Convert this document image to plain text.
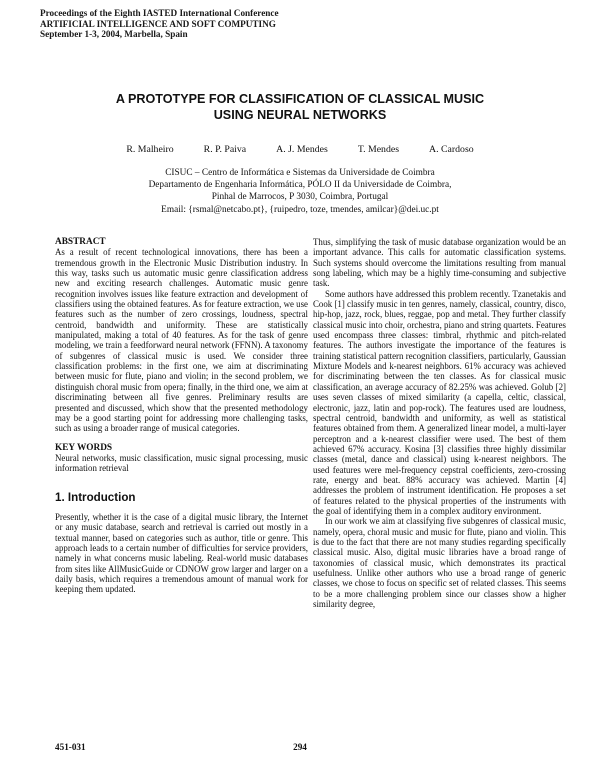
Proceedings of the Eighth IASTED International Conference
ARTIFICIAL INTELLIGENCE AND SOFT COMPUTING
September 1-3, 2004, Marbella, Spain
A PROTOTYPE FOR CLASSIFICATION OF CLASSICAL MUSIC
USING NEURAL NETWORKS
R. Malheiro	R. P. Paiva	A. J. Mendes	T. Mendes	A. Cardoso
CISUC – Centro de Informática e Sistemas da Universidade de Coimbra
Departamento de Engenharia Informática, PÓLO II da Universidade de Coimbra,
Pinhal de Marrocos, P 3030, Coimbra, Portugal
Email: {rsmal@netcabo.pt}, {ruipedro, toze, tmendes, amilcar}@dei.uc.pt

ABSTRACT

As a result of recent technological innovations, there has been a tremendous growth in the Electronic Music Distribution industry. In this way, tasks such us automatic music genre classification address new and exciting research challenges. Automatic music genre recognition involves issues like feature extraction and development of classifiers using the obtained features. As for feature extraction, we use features such as the number of zero crossings, loudness, spectral centroid, bandwidth and uniformity. These are statistically manipulated, making a total of 40 features. As for the task of genre modeling, we train a feedforward neural network (FFNN). A taxonomy of subgenres of classical music is used. We consider three classification problems: in the first one, we aim at discriminating between music for flute, piano and violin; in the second problem, we distinguish choral music from opera; finally, in the third one, we aim at discriminating between all five genres. Preliminary results are presented and discussed, which show that the presented methodology may be a good starting point for addressing more challenging tasks, such as using a broader range of musical categories.

KEY WORDS

Neural networks, music classification, music signal processing, music information retrieval

1. Introduction

Presently, whether it is the case of a digital music library, the Internet or any music database, search and retrieval is carried out mostly in a textual manner, based on categories such as author, title or genre. This approach leads to a certain number of difficulties for service providers, namely in what concerns music labeling. Real-world music databases from sites like AllMusicGuide or CDNOW grow larger and larger on a daily basis, which requires a tremendous amount of manual work for keeping them updated.

Thus, simplifying the task of music database organization would be an important advance. This calls for automatic classification systems. Such systems should overcome the limitations resulting from manual song labeling, which may be a highly time-consuming and subjective task.

Some authors have addressed this problem recently. Tzanetakis and Cook [1] classify music in ten genres, namely, classical, country, disco, hip-hop, jazz, rock, blues, reggae, pop and metal. They further classify classical music into choir, orchestra, piano and string quartets. Features used encompass three classes: timbral, rhythmic and pitch-related features. The authors investigate the importance of the features is training statistical pattern recognition classifiers, particularly, Gaussian Mixture Models and k-nearest neighbors. 61% accuracy was achieved for discriminating between the ten classes. As for classical music classification, an average accuracy of 82.25% was achieved. Golub [2] uses seven classes of mixed similarity (a capella, celtic, classical, electronic, jazz, latin and pop-rock). The features used are loudness, spectral centroid, bandwidth and uniformity, as well as statistical features obtained from them. A generalized linear model, a multi-layer perceptron and a k-nearest classifier were used. The best of them achieved 67% accuracy. Kosina [3] classifies three highly dissimilar classes (metal, dance and classical) using k-nearest neighbors. The used features were mel-frequency cepstral coefficients, zero-crossing rate, energy and beat. 88% accuracy was achieved. Martin [4] addresses the problem of instrument identification. He proposes a set of features related to the physical properties of the instruments with the goal of identifying them in a complex auditory environment.

In our work we aim at classifying five subgenres of classical music, namely, opera, choral music and music for flute, piano and violin. This is due to the fact that there are not many studies regarding specifically classical music. Also, digital music libraries have a broad range of taxonomies of classical music, which demonstrates its practical usefulness. Unlike other authors who use a broad range of generic classes, we chose to focus on specific set of related classes. This seems to be a more challenging problem since our classes show a higher similarity degree,

451-031	294
